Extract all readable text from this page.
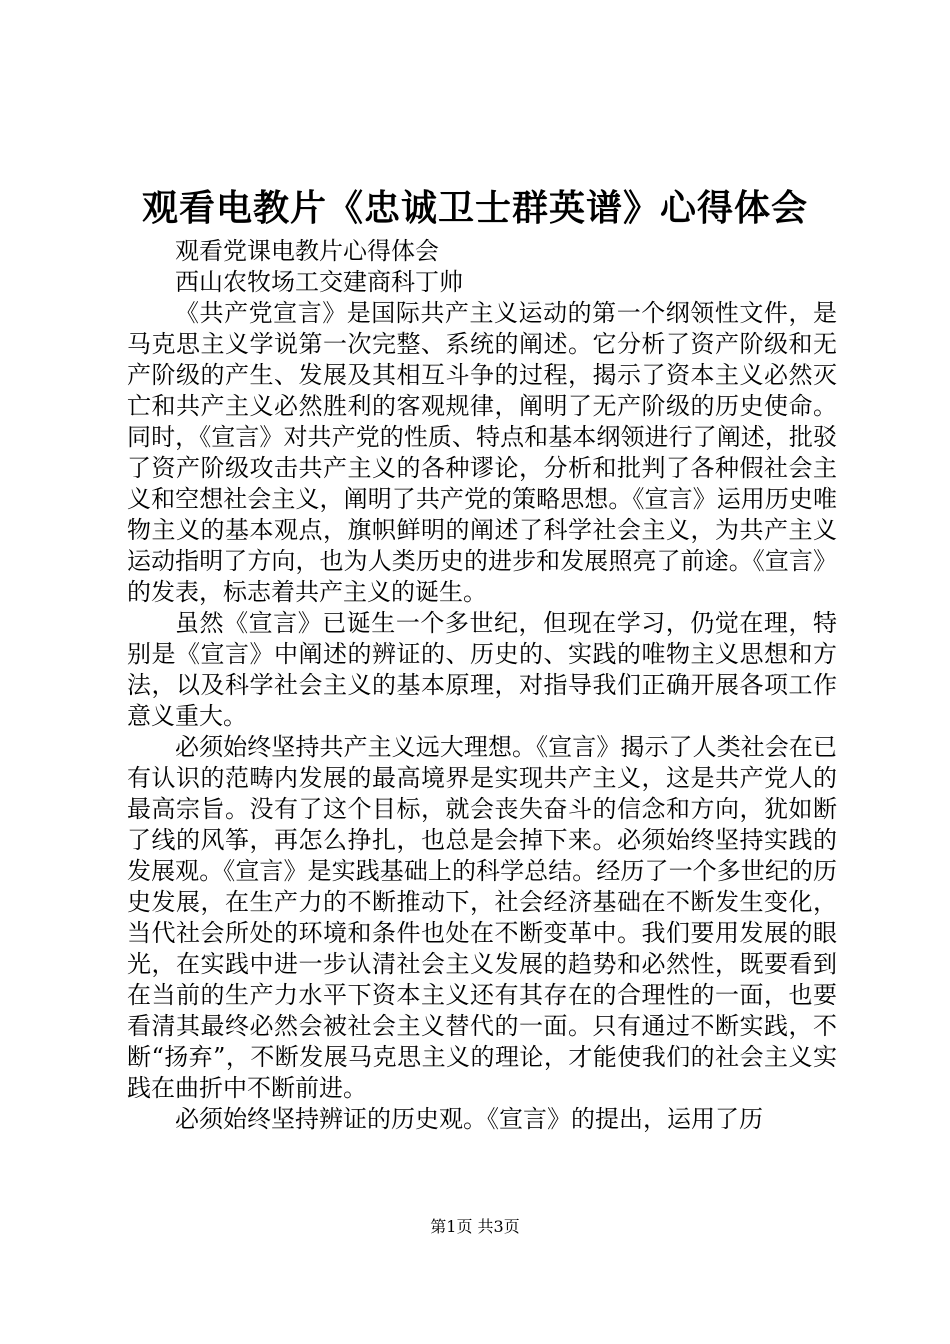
观看电教片《忠诚卫士群英谱》心得体会

观看党课电教片心得体会

西山农牧场工交建商科丁帅

《共产党宣言》是国际共产主义运动的第一个纲领性文件，是马克思主义学说第一次完整、系统的阐述。它分析了资产阶级和无产阶级的产生、发展及其相互斗争的过程，揭示了资本主义必然灭亡和共产主义必然胜利的客观规律，阐明了无产阶级的历史使命。同时，《宣言》对共产党的性质、特点和基本纲领进行了阐述，批驳了资产阶级攻击共产主义的各种谬论，分析和批判了各种假社会主义和空想社会主义，阐明了共产党的策略思想。《宣言》运用历史唯物主义的基本观点，旗帜鲜明的阐述了科学社会主义，为共产主义运动指明了方向，也为人类历史的进步和发展照亮了前途。《宣言》的发表，标志着共产主义的诞生。

虽然《宣言》已诞生一个多世纪，但现在学习，仍觉在理，特别是《宣言》中阐述的辨证的、历史的、实践的唯物主义思想和方法，以及科学社会主义的基本原理，对指导我们正确开展各项工作意义重大。

必须始终坚持共产主义远大理想。《宣言》揭示了人类社会在已有认识的范畴内发展的最高境界是实现共产主义，这是共产党人的最高宗旨。没有了这个目标，就会丧失奋斗的信念和方向，犹如断了线的风筝，再怎么挣扎，也总是会掉下来。必须始终坚持实践的发展观。《宣言》是实践基础上的科学总结。经历了一个多世纪的历史发展，在生产力的不断推动下，社会经济基础在不断发生变化，当代社会所处的环境和条件也处在不断变革中。我们要用发展的眼光，在实践中进一步认清社会主义发展的趋势和必然性，既要看到在当前的生产力水平下资本主义还有其存在的合理性的一面，也要看清其最终必然会被社会主义替代的一面。只有通过不断实践，不断“扬弃”，不断发展马克思主义的理论，才能使我们的社会主义实践在曲折中不断前进。

必须始终坚持辨证的历史观。《宣言》的提出，运用了历

第1页 共3页
